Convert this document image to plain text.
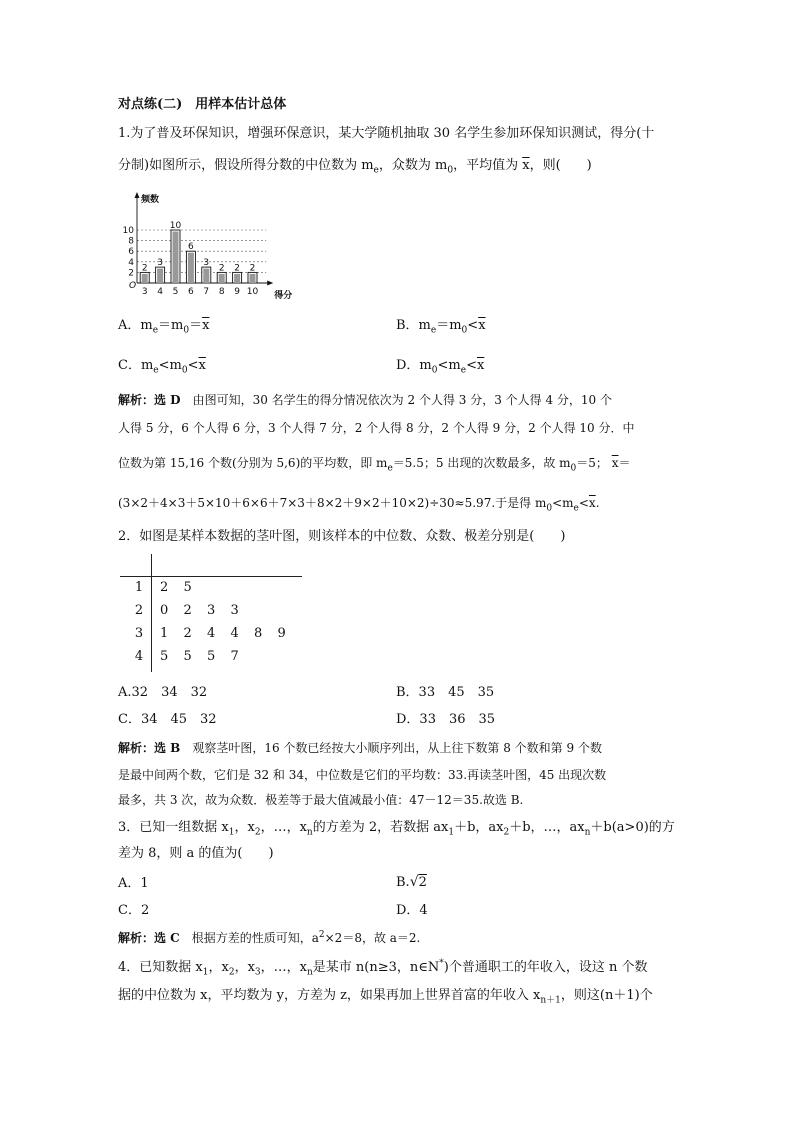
对点练(二)　用样本估计总体
1.为了普及环保知识，增强环保意识，某大学随机抽取 30 名学生参加环保知识测试，得分(十
分制)如图所示，假设所得分数的中位数为 $m_e$，众数为 $m_0$，平均值为 $\overline{x}$，则(　　)
2
4
6
8
10
频数
得分
O
2
3
3
4
10
5
6
6
3
7
2
8
2
9
2
10
A．$m_e=m_0=\overline{x}$	B．$m_e=m_0<\overline{x}$
C．$m_e<m_0<\overline{x}$	D．$m_0<m_e<\overline{x}$
解析：选 D　由图可知，30 名学生的得分情况依次为 2 个人得 3 分，3 个人得 4 分，10 个
人得 5 分，6 个人得 6 分，3 个人得 7 分，2 个人得 8 分，2 个人得 9 分，2 个人得 10 分．中
位数为第 15,16 个数(分别为 5,6)的平均数，即 $m_e=5.5$；5 出现的次数最多，故 $m_0=5$； $\overline{x}=$
(3×2＋4×3＋5×10＋6×6＋7×3＋8×2＋9×2＋10×2)÷30≈5.97.于是得 $m_0<m_e<\overline{x}$.
2．如图是某样本数据的茎叶图，则该样本的中位数、众数、极差分别是(　　)
1 2 5
2 0 2 3 3
3 1 2 4 4 8 9
4 5 5 5 7
A.32　34　32	B．33　45　35
C．34　45　32	D．33　36　35
解析：选 B　观察茎叶图，16 个数已经按大小顺序列出，从上往下数第 8 个数和第 9 个数
是最中间两个数，它们是 32 和 34，中位数是它们的平均数：33.再读茎叶图，45 出现次数
最多，共 3 次，故为众数．极差等于最大值减最小值：47－12＝35.故选 B.
3．已知一组数据 $x_1$，$x_2$，…，$x_n$的方差为 2，若数据 $ax_1+b$，$ax_2+b$，…，$ax_n+b(a>0)$的方
差为 8，则 a 的值为(　　)
A．1	B.√2
C．2	D．4
解析：选 C　根据方差的性质可知，$a^2\times 2=8$，故 a＝2.
4．已知数据 $x_1$，$x_2$，$x_3$，…，$x_n$是某市 n(n≥3，n∈N*)个普通职工的年收入，设这 n 个数
据的中位数为 x，平均数为 y，方差为 z，如果再加上世界首富的年收入 $x_{n+1}$，则这(n＋1)个
